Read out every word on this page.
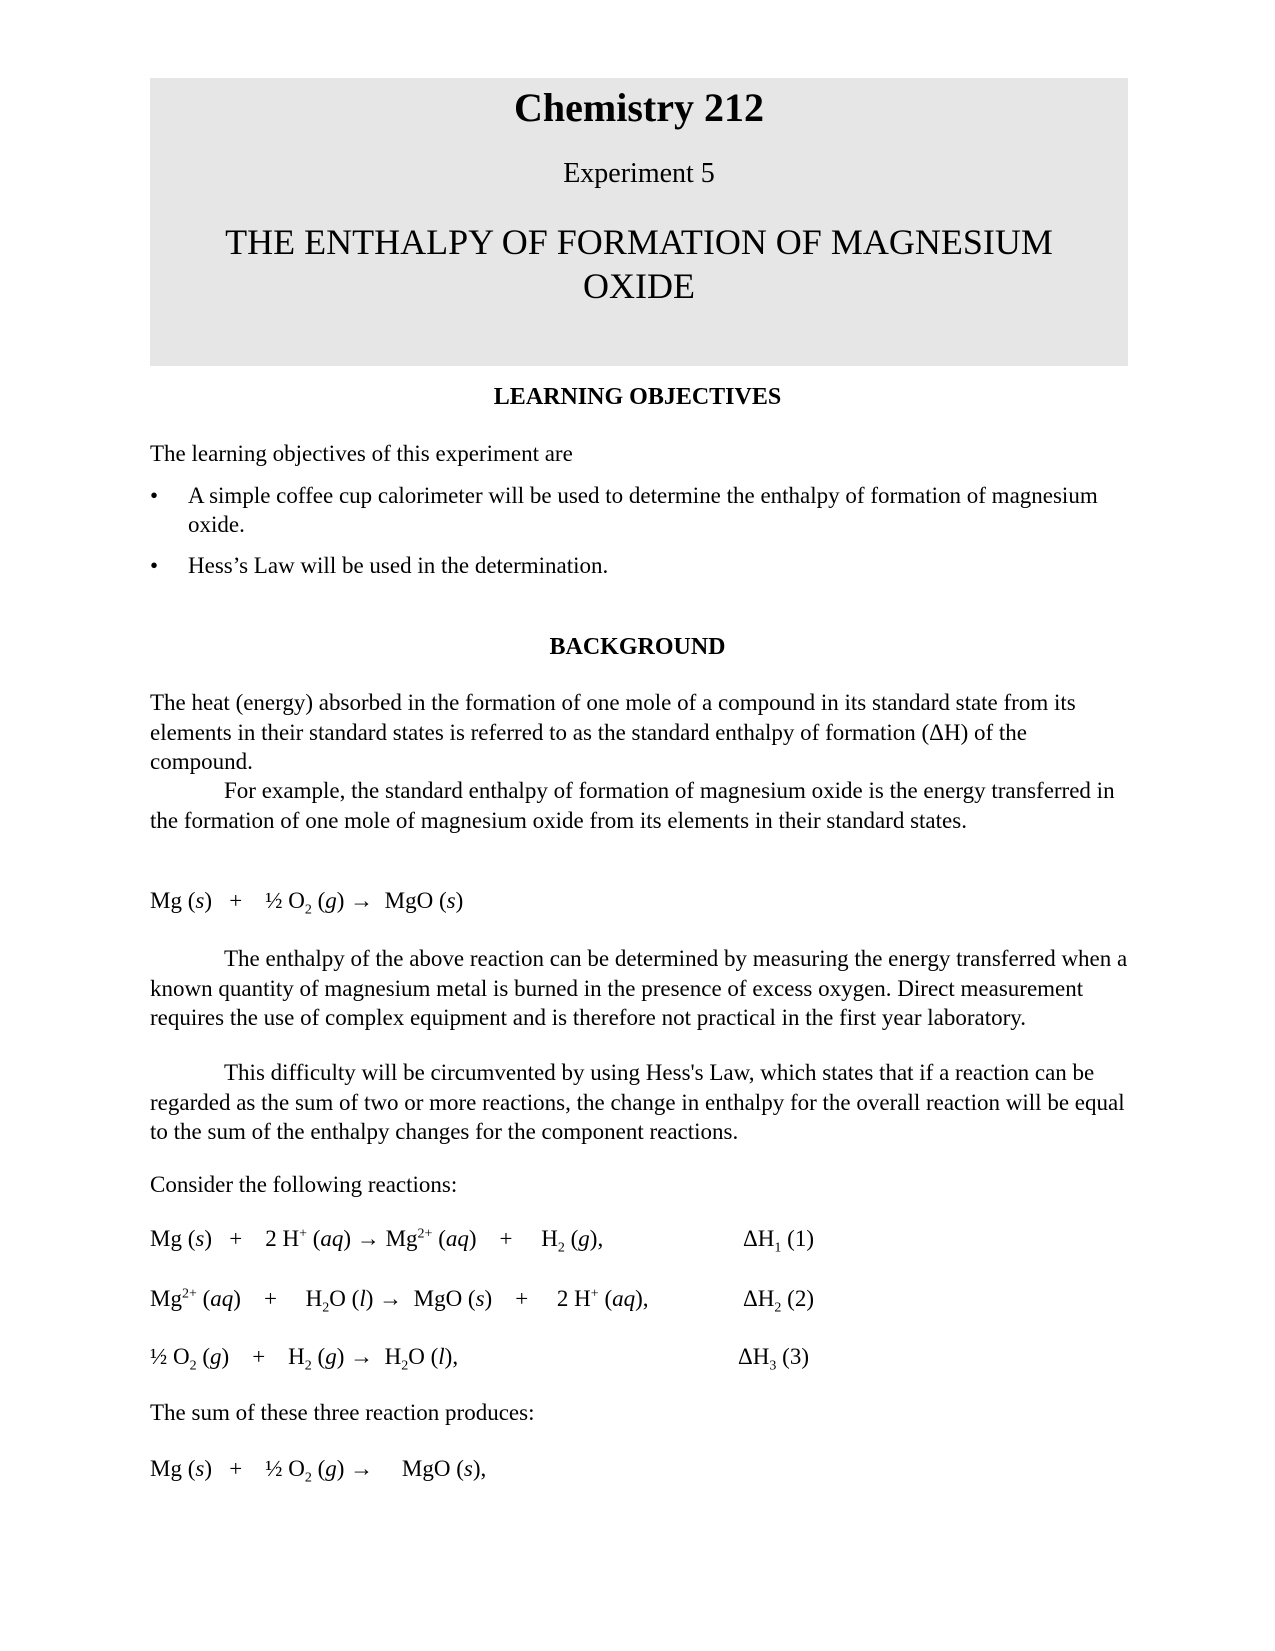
Chemistry 212
Experiment 5
THE ENTHALPY OF FORMATION OF MAGNESIUM OXIDE
LEARNING OBJECTIVES
The learning objectives of this experiment are
• A simple coffee cup calorimeter will be used to determine the enthalpy of formation of magnesium oxide.
• Hess’s Law will be used in the determination.
BACKGROUND
The heat (energy) absorbed in the formation of one mole of a compound in its standard state from its elements in their standard states is referred to as the standard enthalpy of formation (ΔH) of the compound.
For example, the standard enthalpy of formation of magnesium oxide is the energy transferred in the formation of one mole of magnesium oxide from its elements in their standard states.
Mg (s)   +    ½ $O_2$ (g) →  MgO (s)
The enthalpy of the above reaction can be determined by measuring the energy transferred when a known quantity of magnesium metal is burned in the presence of excess oxygen. Direct measurement requires the use of complex equipment and is therefore not practical in the first year laboratory.
This difficulty will be circumvented by using Hess's Law, which states that if a reaction can be regarded as the sum of two or more reactions, the change in enthalpy for the overall reaction will be equal to the sum of the enthalpy changes for the component reactions.
Consider the following reactions:
Mg (s)   +    2 H+ $(aq) \to Mg^{2+}$ (aq)    +     $H_2$ (g),	$\Delta H_1$ (1)
$Mg^{2+}$ (aq)    +     $H_2O$ (l) →  MgO (s)    +     2 H+ (aq),	$\Delta H_2$ (2)
½ $O_2$ (g)    +    $H_2$ $(g) \to H_2O$ (l),	$\Delta H_3$ (3)
The sum of these three reaction produces:
Mg (s)   +    ½ $O_2$ (g) →     MgO (s),
